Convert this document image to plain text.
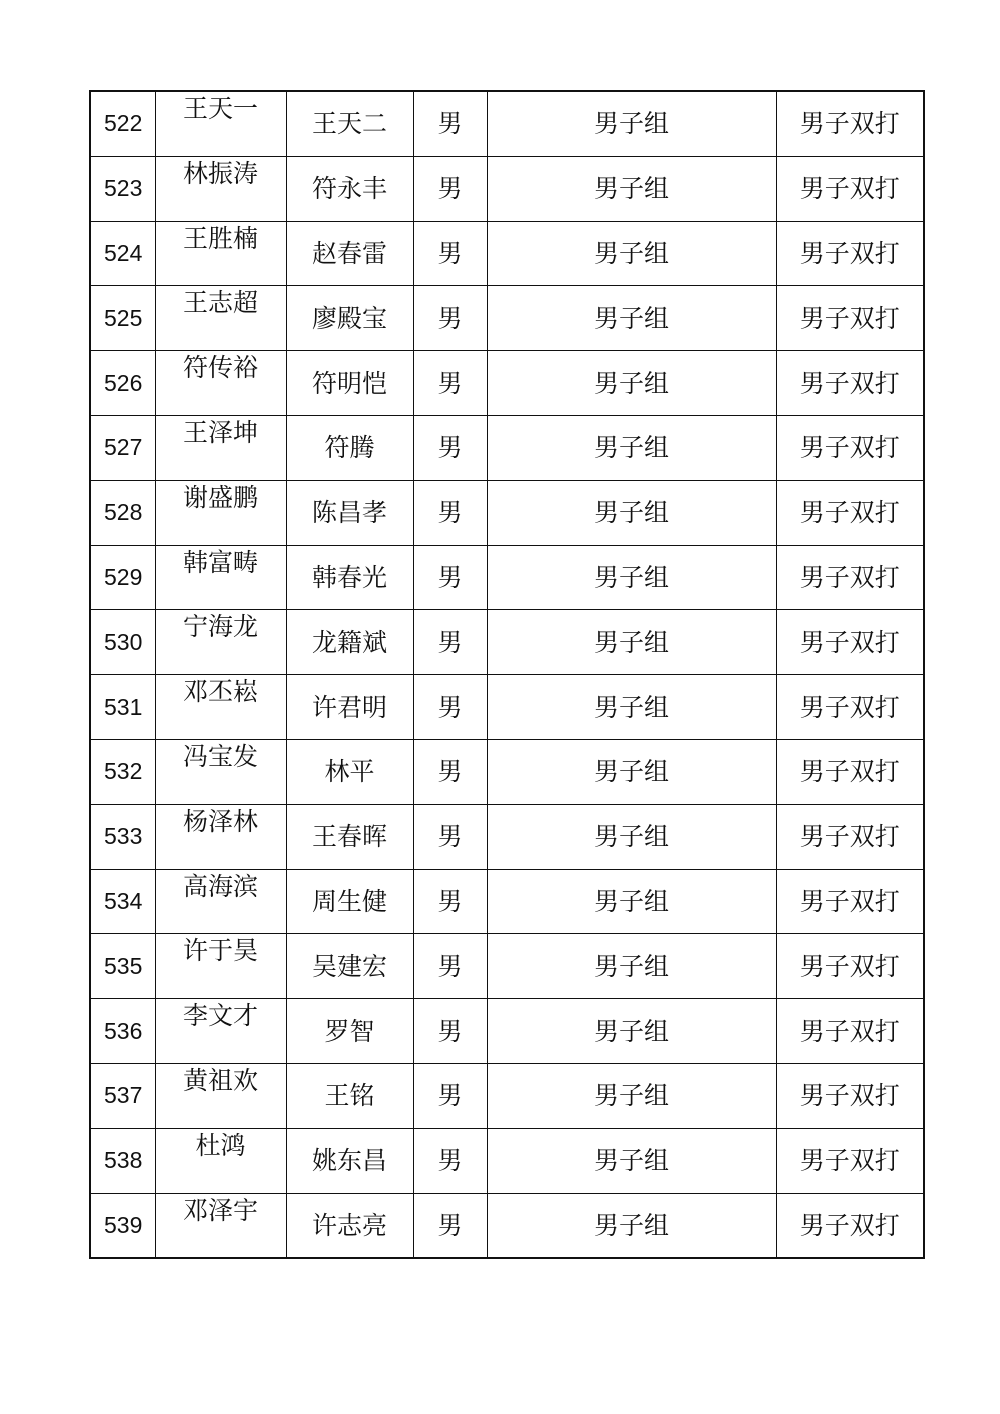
522	王天一	王天二	男	男子组	男子双打
523	林振涛	符永丰	男	男子组	男子双打
524	王胜楠	赵春雷	男	男子组	男子双打
525	王志超	廖殿宝	男	男子组	男子双打
526	符传裕	符明恺	男	男子组	男子双打
527	王泽坤	符腾	男	男子组	男子双打
528	谢盛鹏	陈昌孝	男	男子组	男子双打
529	韩富畴	韩春光	男	男子组	男子双打
530	宁海龙	龙籍斌	男	男子组	男子双打
531	邓丕崧	许君明	男	男子组	男子双打
532	冯宝发	林平	男	男子组	男子双打
533	杨泽林	王春晖	男	男子组	男子双打
534	高海滨	周生健	男	男子组	男子双打
535	许于昊	吴建宏	男	男子组	男子双打
536	李文才	罗智	男	男子组	男子双打
537	黄祖欢	王铭	男	男子组	男子双打
538	杜鸿	姚东昌	男	男子组	男子双打
539	邓泽宇	许志亮	男	男子组	男子双打
